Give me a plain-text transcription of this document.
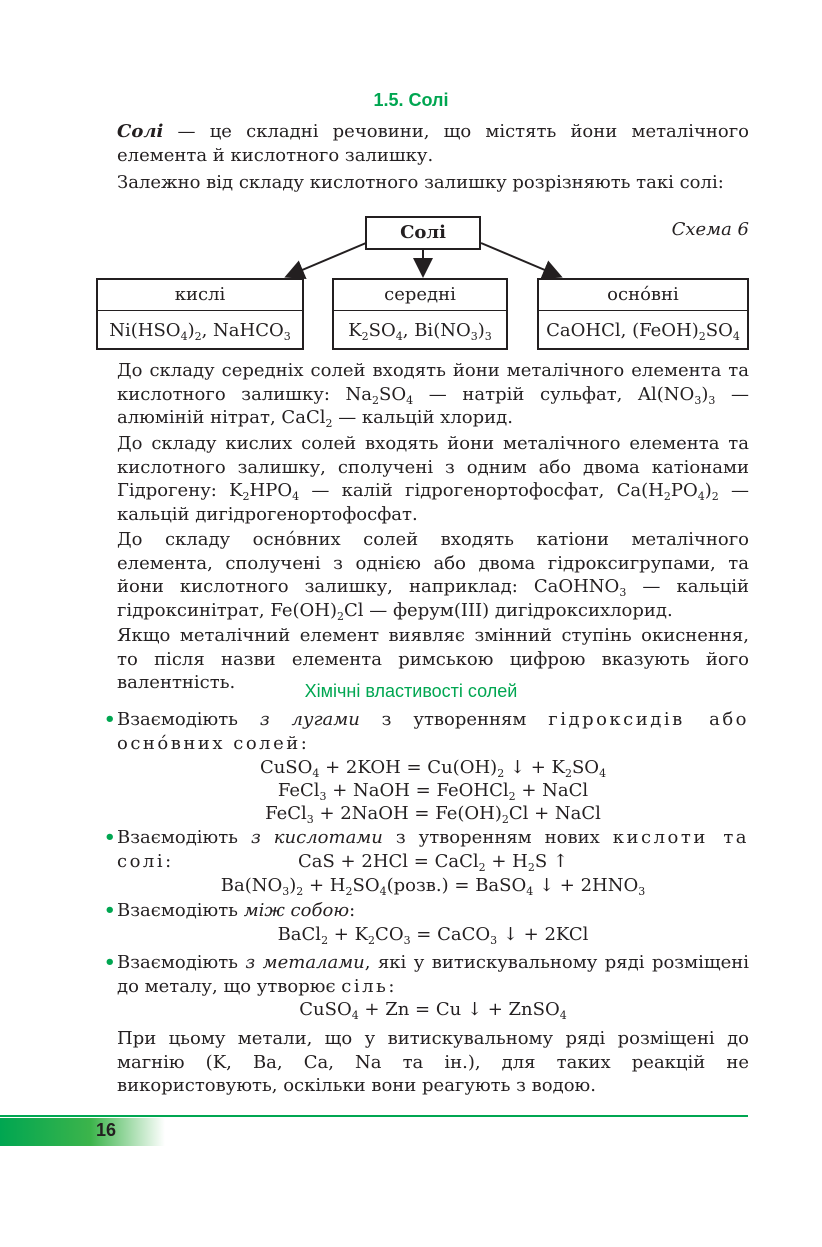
1.5. Солі
Солі — це складні речовини, що містять йони металічного елемента й кислотного залишку.
Залежно від складу кислотного залишку розрізняють такі солі:
Схема 6
Солі
кислі
$Ni(HSO_4)_2$, NaHCO$_3$
середні
$K_2SO_4$, $Bi(NO_3)_3$
осно́вні
CaOHCl, $(FeOH)_2SO_4$
До складу середніх солей входять йони металічного елемента та кислотного залишку: $Na_2SO_4$ — натрій сульфат, $Al(NO_3)_3$ — алюміній нітрат, CaCl$_2$ — кальцій хлорид.
До складу кислих солей входять йони металічного елемента та кислотного залишку, сполучені з одним або двома катіонами Гідрогену: $K_2HPO_4$ — калій гідрогенортофосфат, $Ca(H_2PO_4)_2$ — кальцій дигідрогенортофосфат.
До складу осно́вних солей входять катіони металічного елемента, сполучені з однією або двома гідроксигрупами, та йони кислотного залишку, наприклад: CaOHNO$_3$ — кальцій гідроксинітрат, $Fe(OH)_2Cl$ — ферум(ІІІ) дигідроксихлорид.
Якщо металічний елемент виявляє змінний ступінь окиснення, то після назви елемента римською цифрою вказують його валентність.	Хімічні властивості солей
• Взаємодіють з лугами з утворенням гідроксидів або осно́вних солей:
CuSO$_4$ + $2KOH = Cu(OH)_2$ ↓ + $K_2SO_4$
FeCl$_3$ + NaOH = FeOHCl$_2$ + NaCl
FeCl$_3$ + 2NaOH = $Fe(OH)_2Cl$ + NaCl
• Взаємодіють з кислотами з утворенням нових кислоти та солі:	CaS + 2HCl = CaCl$_2$ + $H_2S$ ↑
$Ba(NO_3)_2$ + $H_2SO_4(розв.)$ = BaSO$_4$ ↓ + $2HNO_3$
• Взаємодіють між собою:
BaCl$_2$ + $K_2CO_3$ = CaCO$_3$ ↓ + 2KCl
• Взаємодіють з металами, які у витискувальному ряді розміщені до металу, що утворює сіль:
CuSO$_4$ + Zn = Cu ↓ + ZnSO$_4$
При цьому метали, що у витискувальному ряді розміщені до магнію (K, Ba, Ca, Na та ін.), для таких реакцій не використовують, оскільки вони реагують з водою.
16
